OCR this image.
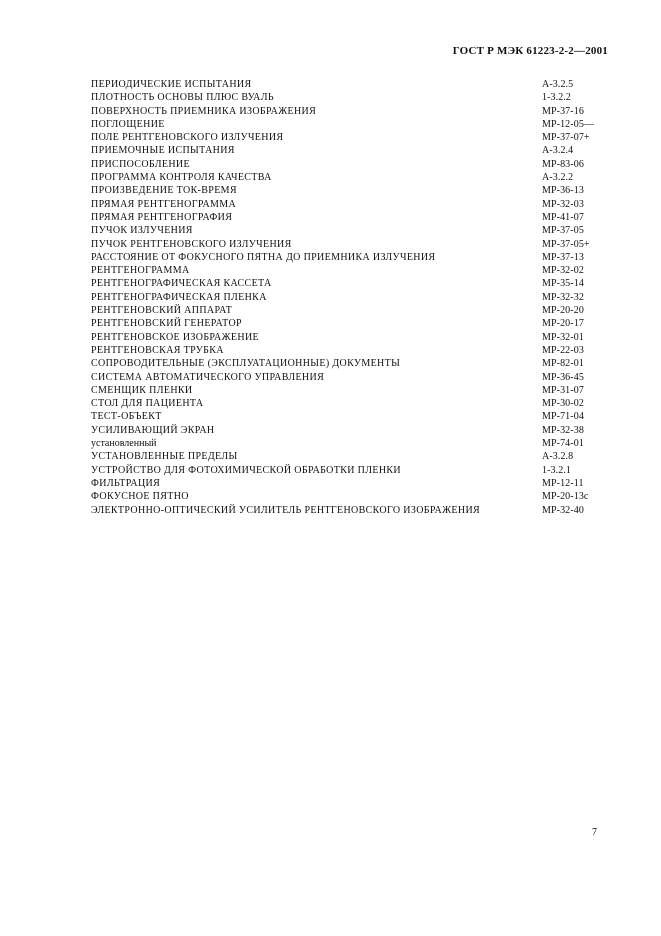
ГОСТ Р МЭК 61223-2-2—2001
ПЕРИОДИЧЕСКИЕ ИСПЫТАНИЯ	А-3.2.5
ПЛОТНОСТЬ ОСНОВЫ ПЛЮС ВУАЛЬ	1-3.2.2
ПОВЕРХНОСТЬ ПРИЕМНИКА ИЗОБРАЖЕНИЯ	МР-37-16
ПОГЛОЩЕНИЕ	МР-12-05—
ПОЛЕ РЕНТГЕНОВСКОГО ИЗЛУЧЕНИЯ	МР-37-07+
ПРИЕМОЧНЫЕ ИСПЫТАНИЯ	А-3.2.4
ПРИСПОСОБЛЕНИЕ	МР-83-06
ПРОГРАММА КОНТРОЛЯ КАЧЕСТВА	А-3.2.2
ПРОИЗВЕДЕНИЕ ТОК-ВРЕМЯ	МР-36-13
ПРЯМАЯ РЕНТГЕНОГРАММА	МР-32-03
ПРЯМАЯ РЕНТГЕНОГРАФИЯ	МР-41-07
ПУЧОК ИЗЛУЧЕНИЯ	МР-37-05
ПУЧОК РЕНТГЕНОВСКОГО ИЗЛУЧЕНИЯ	МР-37-05+
РАССТОЯНИЕ ОТ ФОКУСНОГО ПЯТНА ДО ПРИЕМНИКА ИЗЛУЧЕНИЯ	МР-37-13
РЕНТГЕНОГРАММА	МР-32-02
РЕНТГЕНОГРАФИЧЕСКАЯ КАССЕТА	МР-35-14
РЕНТГЕНОГРАФИЧЕСКАЯ ПЛЕНКА	МР-32-32
РЕНТГЕНОВСКИЙ АППАРАТ	МР-20-20
РЕНТГЕНОВСКИЙ ГЕНЕРАТОР	МР-20-17
РЕНТГЕНОВСКОЕ ИЗОБРАЖЕНИЕ	МР-32-01
РЕНТГЕНОВСКАЯ ТРУБКА	МР-22-03
СОПРОВОДИТЕЛЬНЫЕ (ЭКСПЛУАТАЦИОННЫЕ) ДОКУМЕНТЫ	МР-82-01
СИСТЕМА АВТОМАТИЧЕСКОГО УПРАВЛЕНИЯ	МР-36-45
СМЕНЩИК ПЛЕНКИ	МР-31-07
СТОЛ ДЛЯ ПАЦИЕНТА	МР-30-02
ТЕСТ-ОБЪЕКТ	МР-71-04
УСИЛИВАЮЩИЙ ЭКРАН	МР-32-38
установленный	МР-74-01
УСТАНОВЛЕННЫЕ ПРЕДЕЛЫ	А-3.2.8
УСТРОЙСТВО ДЛЯ ФОТОХИМИЧЕСКОЙ ОБРАБОТКИ ПЛЕНКИ	1-3.2.1
ФИЛЬТРАЦИЯ	МР-12-11
ФОКУСНОЕ ПЯТНО	МР-20-13с
ЭЛЕКТРОННО-ОПТИЧЕСКИЙ УСИЛИТЕЛЬ РЕНТГЕНОВСКОГО ИЗОБРАЖЕНИЯ	МР-32-40
7
